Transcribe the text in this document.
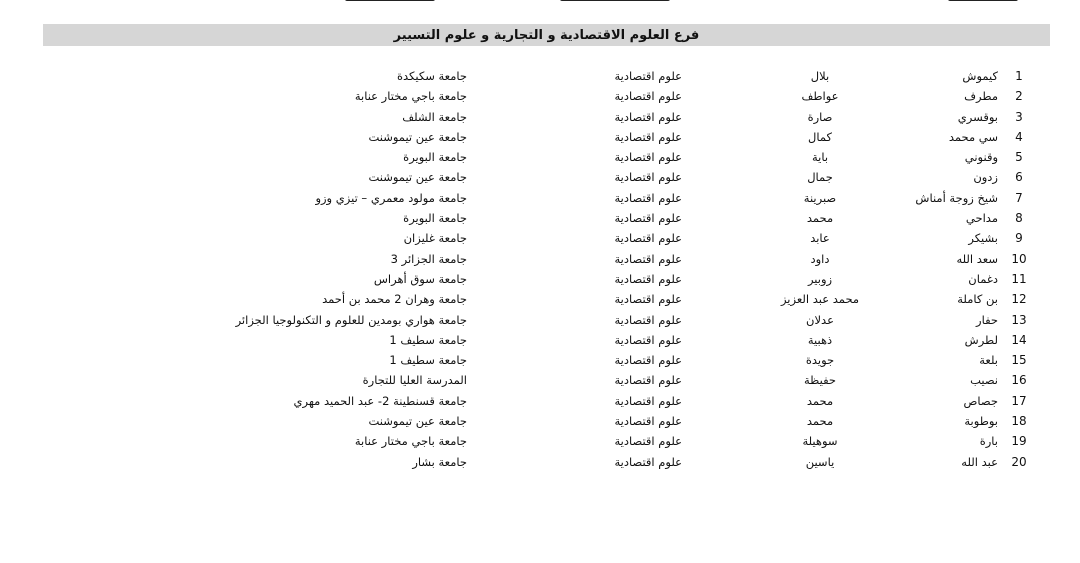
فرع العلوم الاقتصادية و التجارية و علوم التسيير
1
كيموش
بلال
علوم اقتصادية
جامعة سكيكدة
2
مطرف
عواطف
علوم اقتصادية
جامعة باجي مختار عنابة
3
بوقسري
صارة
علوم اقتصادية
جامعة الشلف
4
سي محمد
كمال
علوم اقتصادية
جامعة عين تيموشنت
5
وقنوني
باية
علوم اقتصادية
جامعة البويرة
6
زدون
جمال
علوم اقتصادية
جامعة عين تيموشنت
7
شيخ زوجة أمناش
صبرينة
علوم اقتصادية
جامعة مولود معمري – تيزي وزو
8
مداحي
محمد
علوم اقتصادية
جامعة البويرة
9
بشيكر
عابد
علوم اقتصادية
جامعة غليزان
10
سعد الله
داود
علوم اقتصادية
جامعة الجزائر 3
11
دغمان
زوبير
علوم اقتصادية
جامعة سوق أهراس
12
بن كاملة
محمد عبد العزيز
علوم اقتصادية
جامعة وهران 2 محمد بن أحمد
13
حفار
عدلان
علوم اقتصادية
جامعة هواري بومدين للعلوم و التكنولوجيا الجزائر
14
لطرش
ذهبية
علوم اقتصادية
جامعة سطيف 1
15
بلعة
جويدة
علوم اقتصادية
جامعة سطيف 1
16
نصيب
حفيظة
علوم اقتصادية
المدرسة العليا للتجارة
17
جصاص
محمد
علوم اقتصادية
جامعة قسنطينة 2- عبد الحميد مهري
18
بوطوبة
محمد
علوم اقتصادية
جامعة عين تيموشنت
19
بارة
سوهيلة
علوم اقتصادية
جامعة باجي مختار عنابة
20
عبد الله
ياسين
علوم اقتصادية
جامعة بشار
